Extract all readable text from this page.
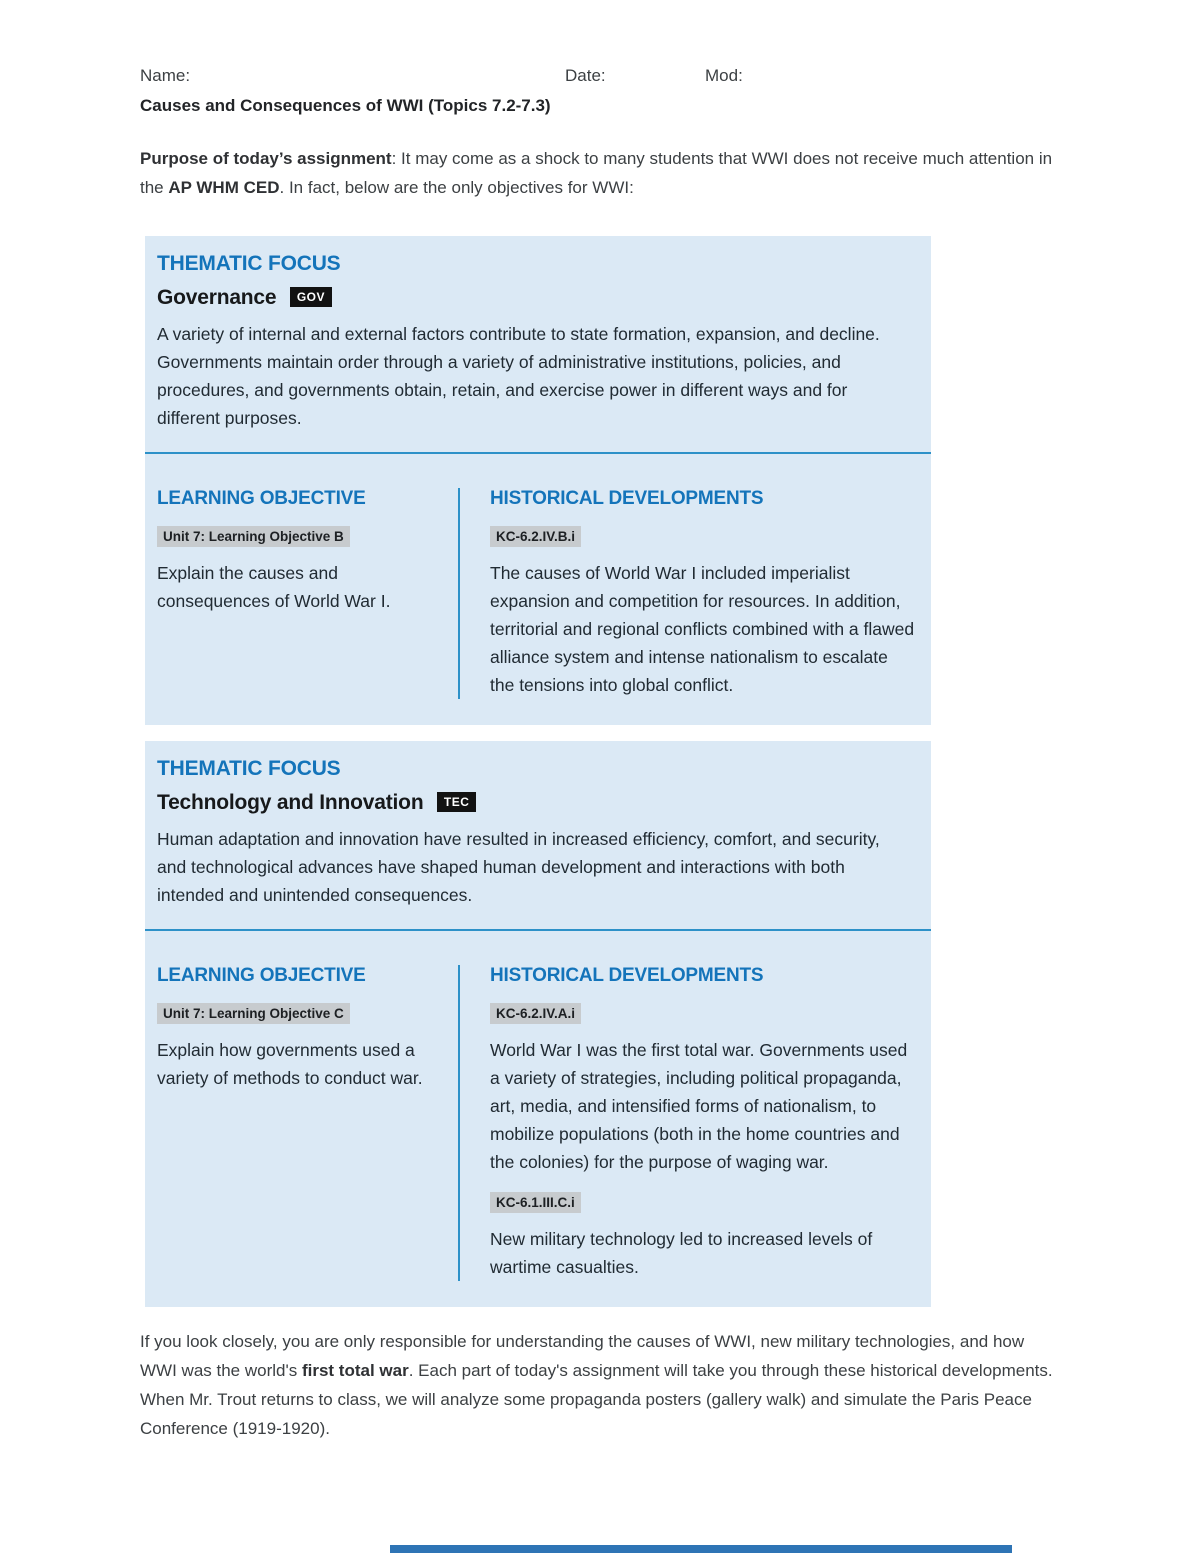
Name:	Date:	Mod:
Causes and Consequences of WWI (Topics 7.2-7.3)

Purpose of today’s assignment: It may come as a shock to many students that WWI does not receive much attention in the AP WHM CED. In fact, below are the only objectives for WWI:

THEMATIC FOCUS
Governance GOV

A variety of internal and external factors contribute to state formation, expansion, and decline. Governments maintain order through a variety of administrative institutions, policies, and procedures, and governments obtain, retain, and exercise power in different ways and for different purposes.

LEARNING OBJECTIVE
Unit 7: Learning Objective B

Explain the causes and consequences of World War I.

HISTORICAL DEVELOPMENTS
KC-6.2.IV.B.i

The causes of World War I included imperialist expansion and competition for resources. In addition, territorial and regional conflicts combined with a flawed alliance system and intense nationalism to escalate the tensions into global conflict.

THEMATIC FOCUS
Technology and Innovation TEC

Human adaptation and innovation have resulted in increased efficiency, comfort, and security, and technological advances have shaped human development and interactions with both intended and unintended consequences.

LEARNING OBJECTIVE
Unit 7: Learning Objective C

Explain how governments used a variety of methods to conduct war.

HISTORICAL DEVELOPMENTS
KC-6.2.IV.A.i

World War I was the first total war. Governments used a variety of strategies, including political propaganda, art, media, and intensified forms of nationalism, to mobilize populations (both in the home countries and the colonies) for the purpose of waging war.

KC-6.1.III.C.i

New military technology led to increased levels of wartime casualties.

If you look closely, you are only responsible for understanding the causes of WWI, new military technologies, and how WWI was the world's first total war. Each part of today's assignment will take you through these historical developments. When Mr. Trout returns to class, we will analyze some propaganda posters (gallery walk) and simulate the Paris Peace Conference (1919-1920).
